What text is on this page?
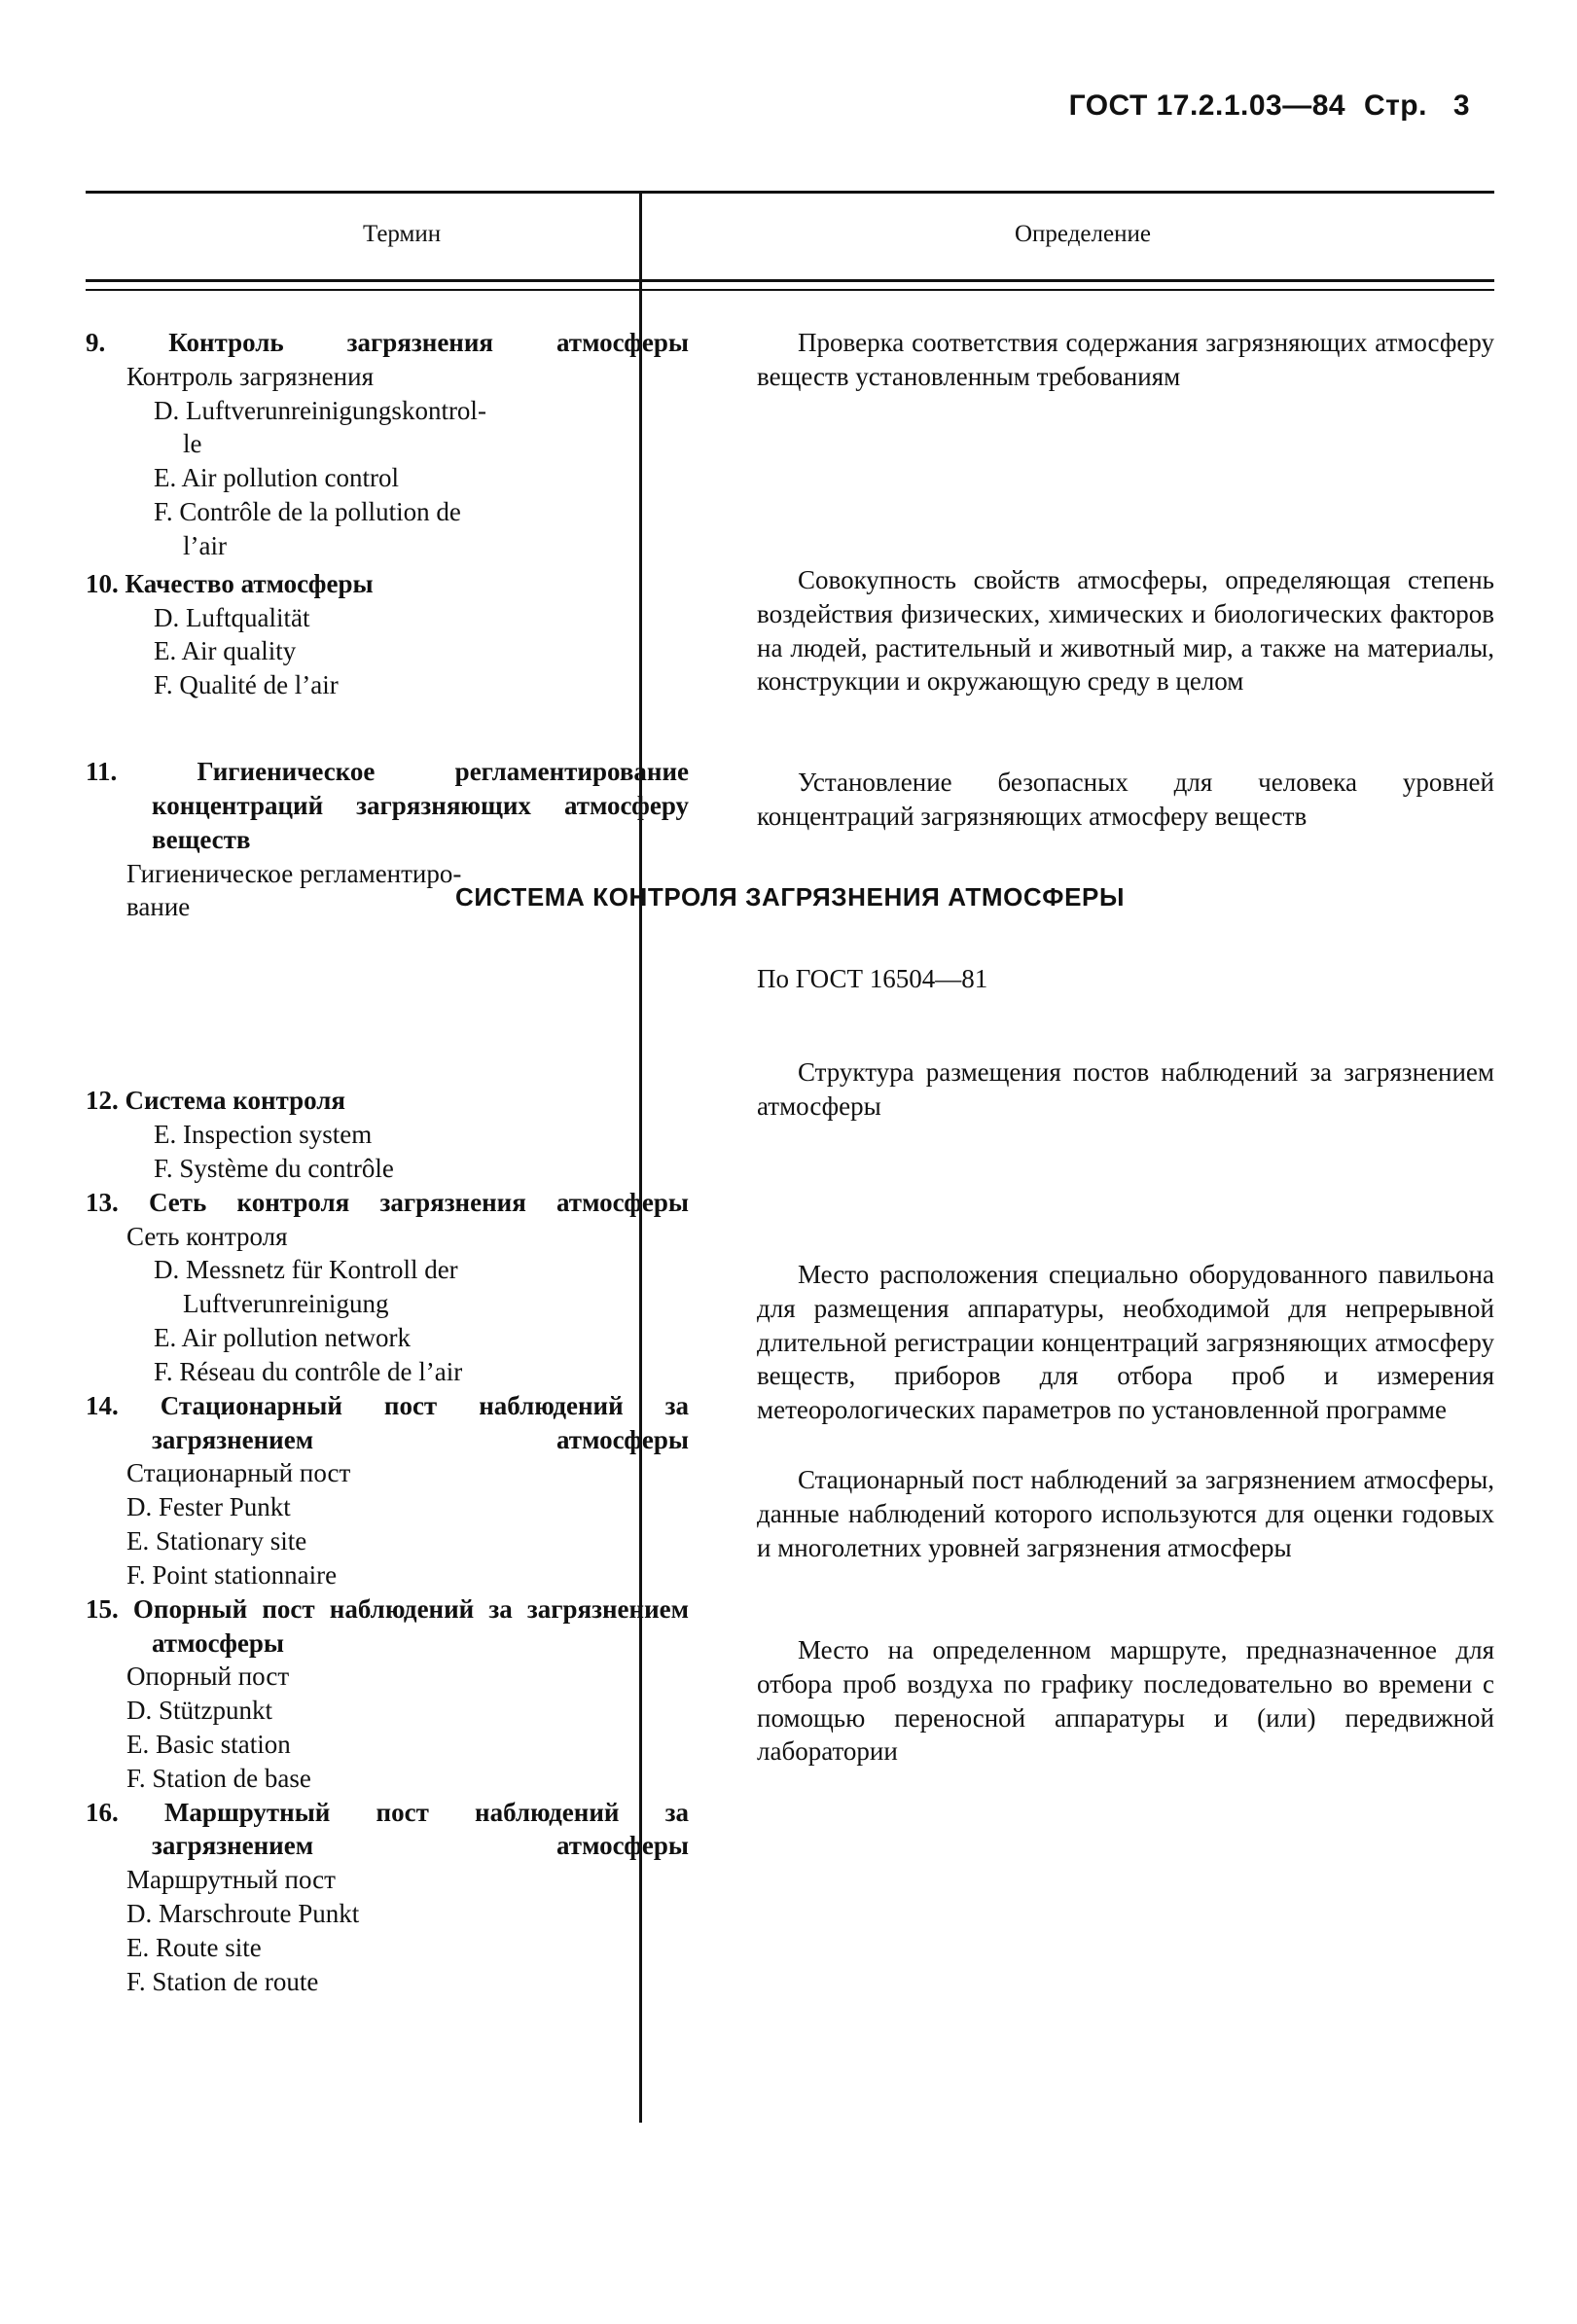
ГОСТ 17.2.1.03—84 Стр. 3
Термин	Определение
9. Контроль загрязнения атмосферы
Контроль загрязнения
D. Luftverunreinigungskontrol-
le
E. Air pollution control
F. Contrôle de la pollution de
l’air
10. Качество атмосферы
D. Luftqualität
E. Air quality
F. Qualité de l’air
11. Гигиеническое регламентирование концентраций загрязняющих атмосферу веществ
Гигиеническое регламентиро-
вание
12. Система контроля
E. Inspection system
F. Système du contrôle
13. Сеть контроля загрязнения атмосферы
Сеть контроля
D. Messnetz für Kontroll der
Luftverunreinigung
E. Air pollution network
F. Réseau du contrôle de l’air
14. Стационарный пост наблюдений за загрязнением атмосферы
Стационарный пост
D. Fester Punkt
E. Stationary site
F. Point stationnaire
15. Опорный пост наблюдений за загрязнением атмосферы
Опорный пост
D. Stützpunkt
E. Basic station
F. Station de base
16. Маршрутный пост наблюдений за загрязнением атмосферы
Маршрутный пост
D. Marschroute Punkt
E. Route site
F. Station de route
Проверка соответствия содержания загрязняющих атмосферу веществ установленным требованиям
Совокупность свойств атмосферы, определяющая степень воздействия физических, химических и биологических факторов на людей, растительный и животный мир, а также на материалы, конструкции и окружающую среду в целом
Установление безопасных для человека уровней концентраций загрязняющих атмосферу веществ
По ГОСТ 16504—81
Структура размещения постов наблюдений за загрязнением атмосферы
Место расположения специально оборудованного павильона для размещения аппаратуры, необходимой для непрерывной длительной регистрации концентраций загрязняющих атмосферу веществ, приборов для отбора проб и измерения метеорологических параметров по установленной программе
Стационарный пост наблюдений за загрязнением атмосферы, данные наблюдений которого используются для оценки годовых и многолетних уровней загрязнения атмосферы
Место на определенном маршруте, предназначенное для отбора проб воздуха по графику последовательно во времени с помощью переносной аппаратуры и (или) передвижной лаборатории
СИСТЕМА КОНТРОЛЯ ЗАГРЯЗНЕНИЯ АТМОСФЕРЫ
